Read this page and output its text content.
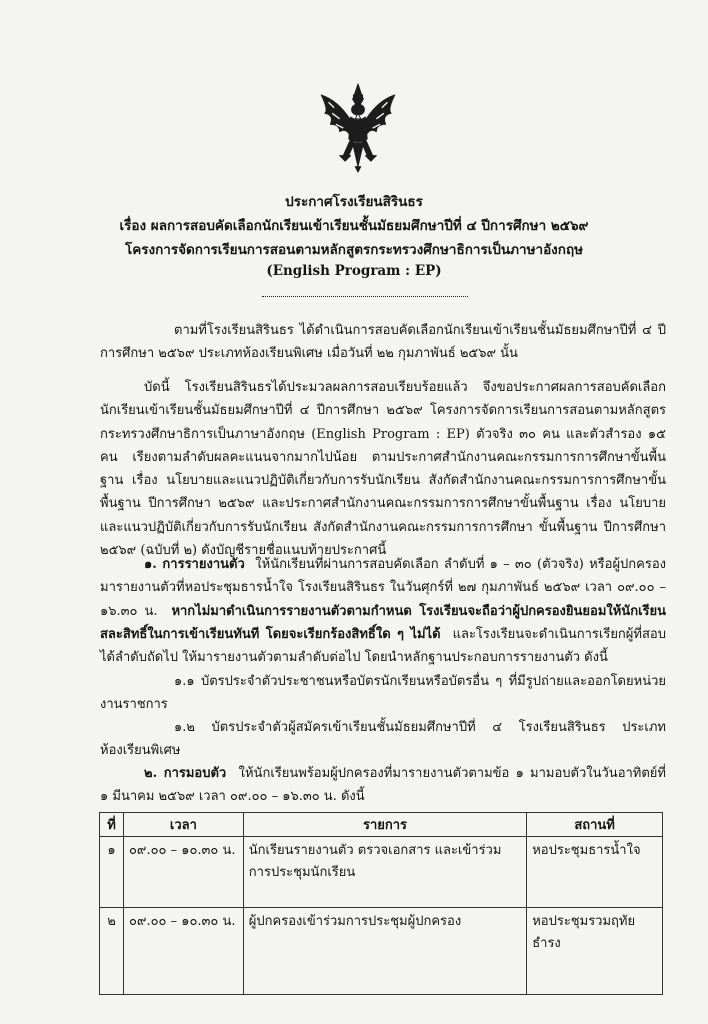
ประกาศโรงเรียนสิรินธร
เรื่อง ผลการสอบคัดเลือกนักเรียนเข้าเรียนชั้นมัธยมศึกษาปีที่ ๔ ปีการศึกษา ๒๕๖๙
โครงการจัดการเรียนการสอนตามหลักสูตรกระทรวงศึกษาธิการเป็นภาษาอังกฤษ
(English Program : EP)
ตามที่โรงเรียนสิรินธร ได้ดำเนินการสอบคัดเลือกนักเรียนเข้าเรียนชั้นมัธยมศึกษาปีที่ ๔ ปีการศึกษา ๒๕๖๙ ประเภทห้องเรียนพิเศษ เมื่อวันที่ ๒๒ กุมภาพันธ์ ๒๕๖๙ นั้น
บัดนี้ โรงเรียนสิรินธรได้ประมวลผลการสอบเรียบร้อยแล้ว จึงขอประกาศผลการสอบคัดเลือกนักเรียนเข้าเรียนชั้นมัธยมศึกษาปีที่ ๔ ปีการศึกษา ๒๕๖๙ โครงการจัดการเรียนการสอนตามหลักสูตรกระทรวงศึกษาธิการเป็นภาษาอังกฤษ (English Program : EP) ตัวจริง ๓๐ คน และตัวสำรอง ๑๕ คน เรียงตามลำดับผลคะแนนจากมากไปน้อย ตามประกาศสำนักงานคณะกรรมการการศึกษาขั้นพื้นฐาน เรื่อง นโยบายและแนวปฏิบัติเกี่ยวกับการรับนักเรียน สังกัดสำนักงานคณะกรรมการการศึกษาขั้นพื้นฐาน ปีการศึกษา ๒๕๖๙ และประกาศสำนักงานคณะกรรมการการศึกษาขั้นพื้นฐาน เรื่อง นโยบายและแนวปฏิบัติเกี่ยวกับการรับนักเรียน สังกัดสำนักงานคณะกรรมการการศึกษา ขั้นพื้นฐาน ปีการศึกษา ๒๕๖๙ (ฉบับที่ ๒) ดังบัญชีรายชื่อแนบท้ายประกาศนี้
๑. การรายงานตัว ให้นักเรียนที่ผ่านการสอบคัดเลือก ลำดับที่ ๑ – ๓๐ (ตัวจริง) หรือผู้ปกครอง มารายงานตัวที่หอประชุมธารน้ำใจ โรงเรียนสิรินธร ในวันศุกร์ที่ ๒๗ กุมภาพันธ์ ๒๕๖๙ เวลา ๐๙.๐๐ – ๑๖.๓๐ น. หากไม่มาดำเนินการรายงานตัวตามกำหนด โรงเรียนจะถือว่าผู้ปกครองยินยอมให้นักเรียนสละสิทธิ์ในการเข้าเรียนทันที โดยจะเรียกร้องสิทธิ์ใด ๆ ไม่ได้ และโรงเรียนจะดำเนินการเรียกผู้ที่สอบได้ลำดับถัดไป ให้มารายงานตัวตามลำดับต่อไป โดยนำหลักฐานประกอบการรายงานตัว ดังนี้
๑.๑ บัตรประจำตัวประชาชนหรือบัตรนักเรียนหรือบัตรอื่น ๆ ที่มีรูปถ่ายและออกโดยหน่วยงานราชการ
๑.๒ บัตรประจำตัวผู้สมัครเข้าเรียนชั้นมัธยมศึกษาปีที่ ๔ โรงเรียนสิรินธร ประเภทห้องเรียนพิเศษ
๒. การมอบตัว ให้นักเรียนพร้อมผู้ปกครองที่มารายงานตัวตามข้อ ๑ มามอบตัวในวันอาทิตย์ที่ ๑ มีนาคม ๒๕๖๙ เวลา ๐๙.๐๐ – ๑๖.๓๐ น. ดังนี้
ที่	เวลา	รายการ	สถานที่
๑	๐๙.๐๐ – ๑๐.๓๐ น.	นักเรียนรายงานตัว ตรวจเอกสาร และเข้าร่วมการประชุมนักเรียน	หอประชุมธารน้ำใจ
๒	๐๙.๐๐ – ๑๐.๓๐ น.	ผู้ปกครองเข้าร่วมการประชุมผู้ปกครอง	หอประชุมรวมฤทัยธำรง
